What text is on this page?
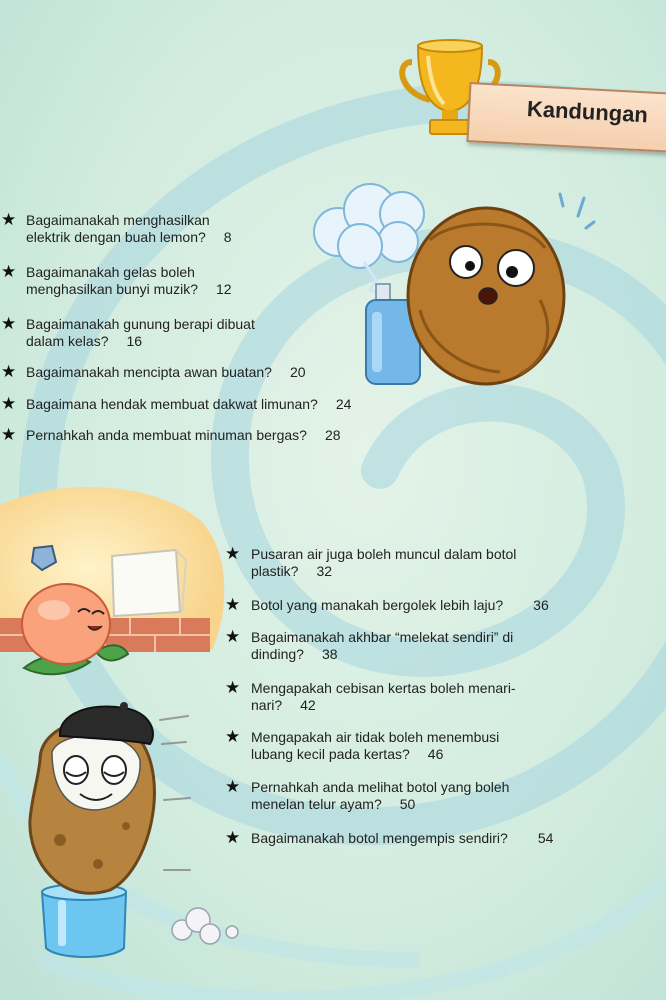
Kandungan
★ Bagaimanakah menghasilkan
elektrik dengan buah lemon? 8
★ Bagaimanakah gelas boleh
menghasilkan bunyi muzik? 12
★ Bagaimanakah gunung berapi dibuat
dalam kelas? 16
★ Bagaimanakah mencipta awan buatan? 20
★ Bagaimana hendak membuat dakwat limunan? 24
★ Pernahkah anda membuat minuman bergas? 28
★ Pusaran air juga boleh muncul dalam botol
plastik? 32
★ Botol yang manakah bergolek lebih laju? 36
★ Bagaimanakah akhbar “melekat sendiri” di
dinding? 38
★ Mengapakah cebisan kertas boleh menari-
nari? 42
★ Mengapakah air tidak boleh menembusi
lubang kecil pada kertas? 46
★ Pernahkah anda melihat botol yang boleh
menelan telur ayam? 50
★ Bagaimanakah botol mengempis sendiri? 54
